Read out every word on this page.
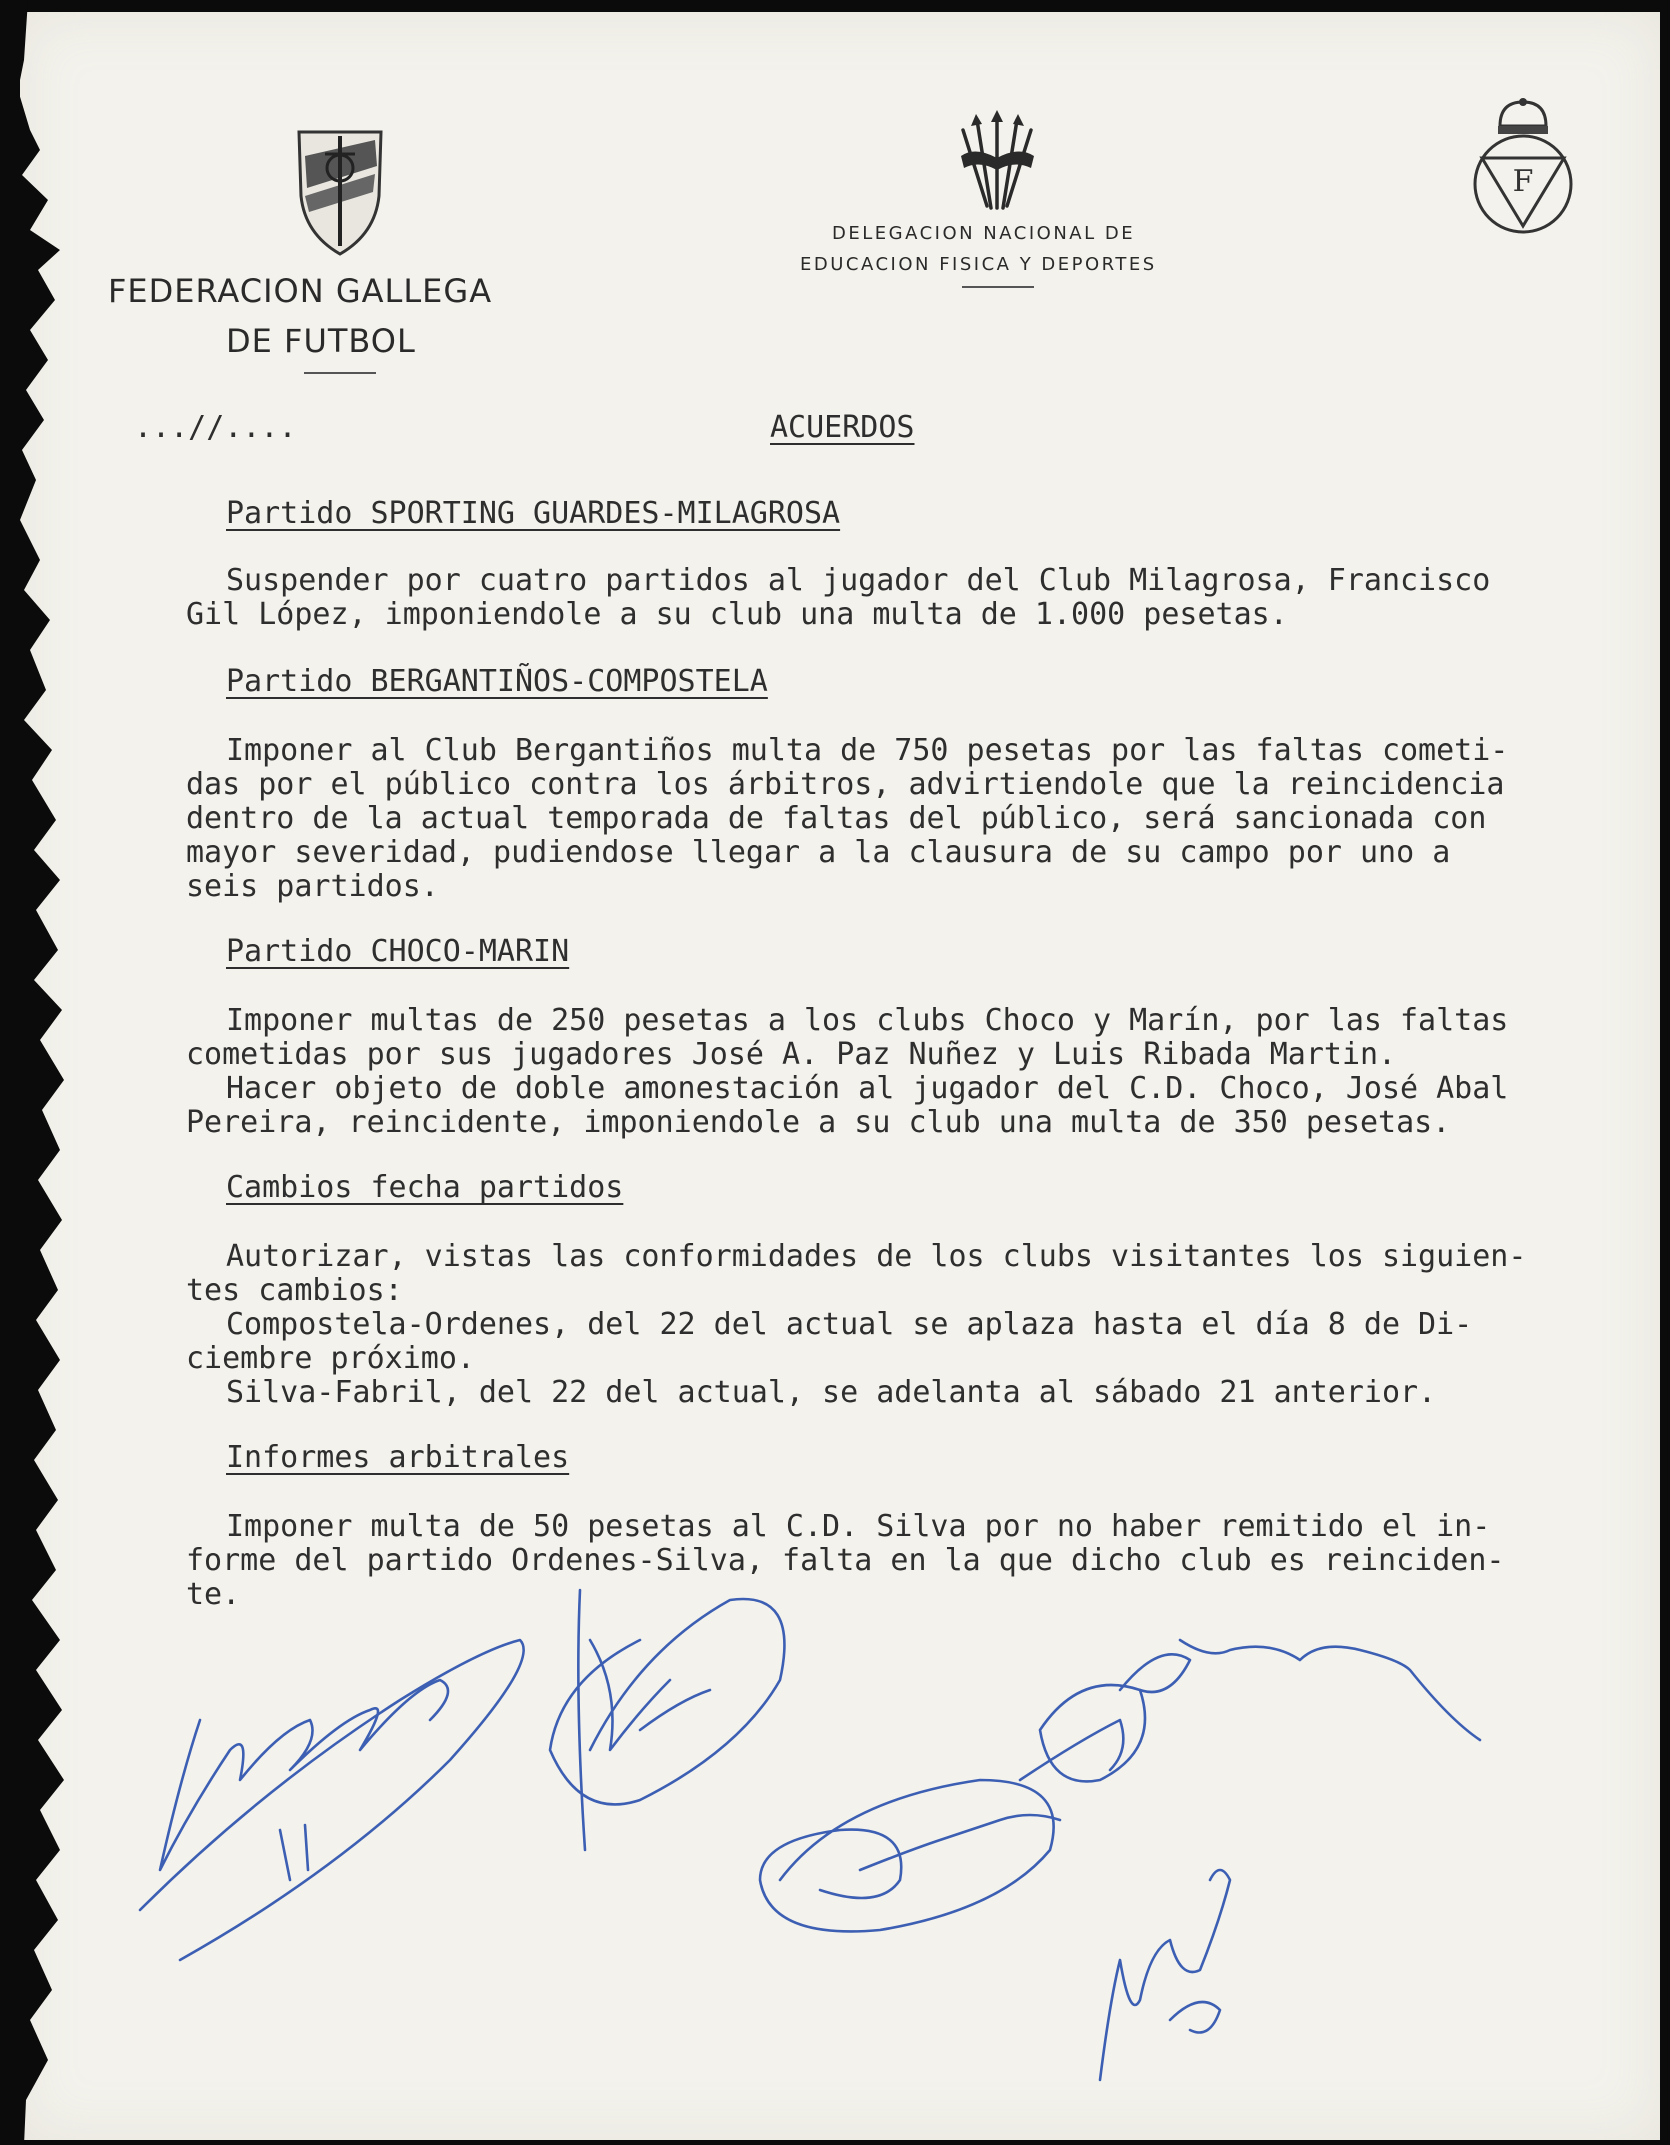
FEDERACION GALLEGA
DE FUTBOL
DELEGACION NACIONAL DE
EDUCACION FISICA Y DEPORTES
F
...//....	ACUERDOS
Partido SPORTING GUARDES-MILAGROSA
Suspender por cuatro partidos al jugador del Club Milagrosa, Francisco
Gil López, imponiendole a su club una multa de 1.000 pesetas.
Partido BERGANTIÑOS-COMPOSTELA
Imponer al Club Bergantiños multa de 750 pesetas por las faltas cometi-
das por el público contra los árbitros, advirtiendole que la reincidencia
dentro de la actual temporada de faltas del público, será sancionada con
mayor severidad, pudiendose llegar a la clausura de su campo por uno a
seis partidos.
Partido CHOCO-MARIN
Imponer multas de 250 pesetas a los clubs Choco y Marín, por las faltas
cometidas por sus jugadores José A. Paz Nuñez y Luis Ribada Martin.
Hacer objeto de doble amonestación al jugador del C.D. Choco, José Abal
Pereira, reincidente, imponiendole a su club una multa de 350 pesetas.
Cambios fecha partidos
Autorizar, vistas las conformidades de los clubs visitantes los siguien-
tes cambios:
Compostela-Ordenes, del 22 del actual se aplaza hasta el día 8 de Di-
ciembre próximo.
Silva-Fabril, del 22 del actual, se adelanta al sábado 21 anterior.
Informes arbitrales
Imponer multa de 50 pesetas al C.D. Silva por no haber remitido el in-
forme del partido Ordenes-Silva, falta en la que dicho club es reinciden-
te.
